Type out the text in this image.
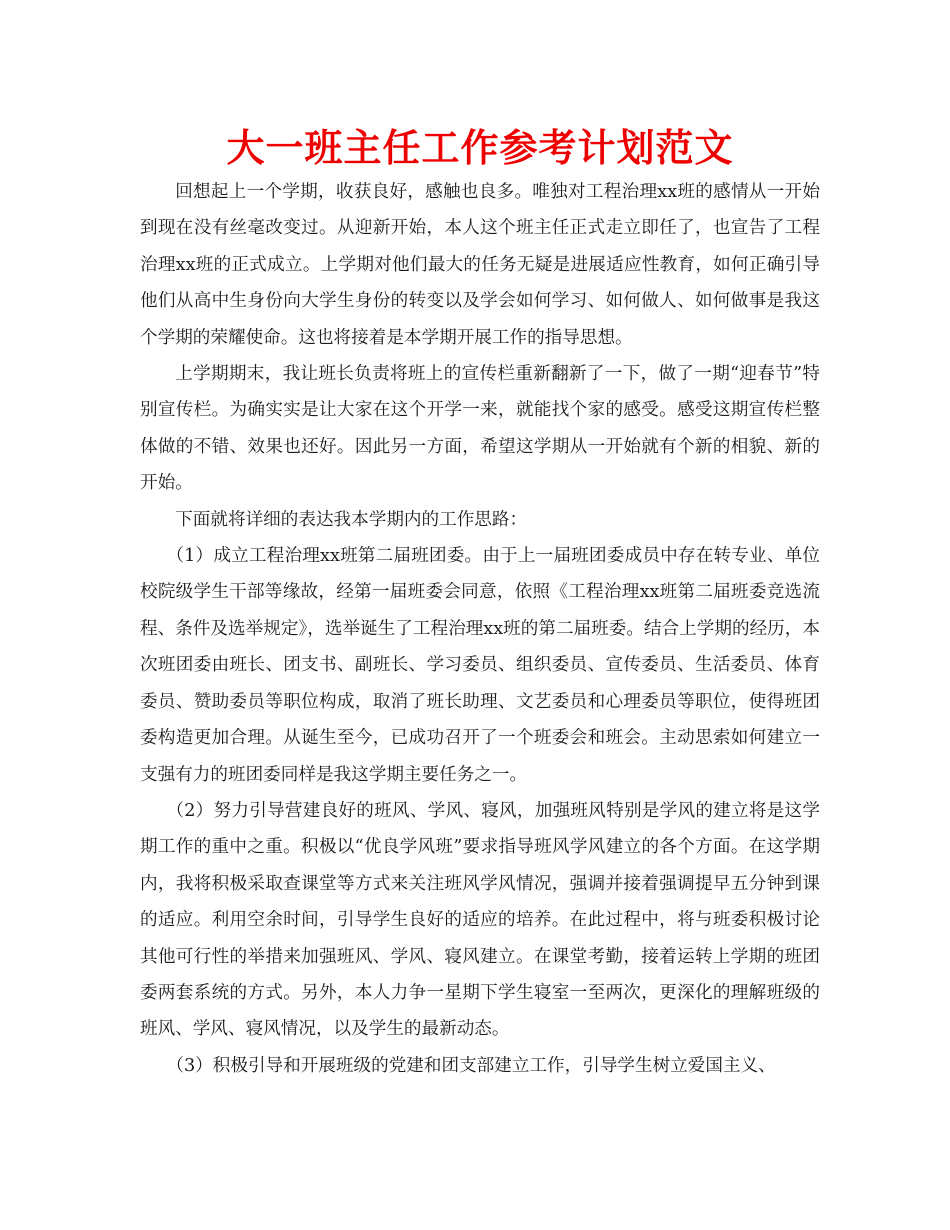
大一班主任工作参考计划范文

回想起上一个学期，收获良好，感触也良多。唯独对工程治理xx班的感情从一开始到现在没有丝毫改变过。从迎新开始，本人这个班主任正式走立即任了，也宣告了工程治理xx班的正式成立。上学期对他们最大的任务无疑是进展适应性教育，如何正确引导他们从高中生身份向大学生身份的转变以及学会如何学习、如何做人、如何做事是我这个学期的荣耀使命。这也将接着是本学期开展工作的指导思想。

上学期期末，我让班长负责将班上的宣传栏重新翻新了一下，做了一期“迎春节”特别宣传栏。为确实实是让大家在这个开学一来，就能找个家的感受。感受这期宣传栏整体做的不错、效果也还好。因此另一方面，希望这学期从一开始就有个新的相貌、新的开始。

下面就将详细的表达我本学期内的工作思路：

（1）成立工程治理xx班第二届班团委。由于上一届班团委成员中存在转专业、单位校院级学生干部等缘故，经第一届班委会同意，依照《工程治理xx班第二届班委竞选流程、条件及选举规定》，选举诞生了工程治理xx班的第二届班委。结合上学期的经历，本次班团委由班长、团支书、副班长、学习委员、组织委员、宣传委员、生活委员、体育委员、赞助委员等职位构成，取消了班长助理、文艺委员和心理委员等职位，使得班团委构造更加合理。从诞生至今，已成功召开了一个班委会和班会。主动思索如何建立一支强有力的班团委同样是我这学期主要任务之一。

（2）努力引导营建良好的班风、学风、寝风，加强班风特别是学风的建立将是这学期工作的重中之重。积极以“优良学风班”要求指导班风学风建立的各个方面。在这学期内，我将积极采取查课堂等方式来关注班风学风情况，强调并接着强调提早五分钟到课的适应。利用空余时间，引导学生良好的适应的培养。在此过程中，将与班委积极讨论其他可行性的举措来加强班风、学风、寝风建立。在课堂考勤，接着运转上学期的班团委两套系统的方式。另外，本人力争一星期下学生寝室一至两次，更深化的理解班级的班风、学风、寝风情况，以及学生的最新动态。

（3）积极引导和开展班级的党建和团支部建立工作，引导学生树立爱国主义、
